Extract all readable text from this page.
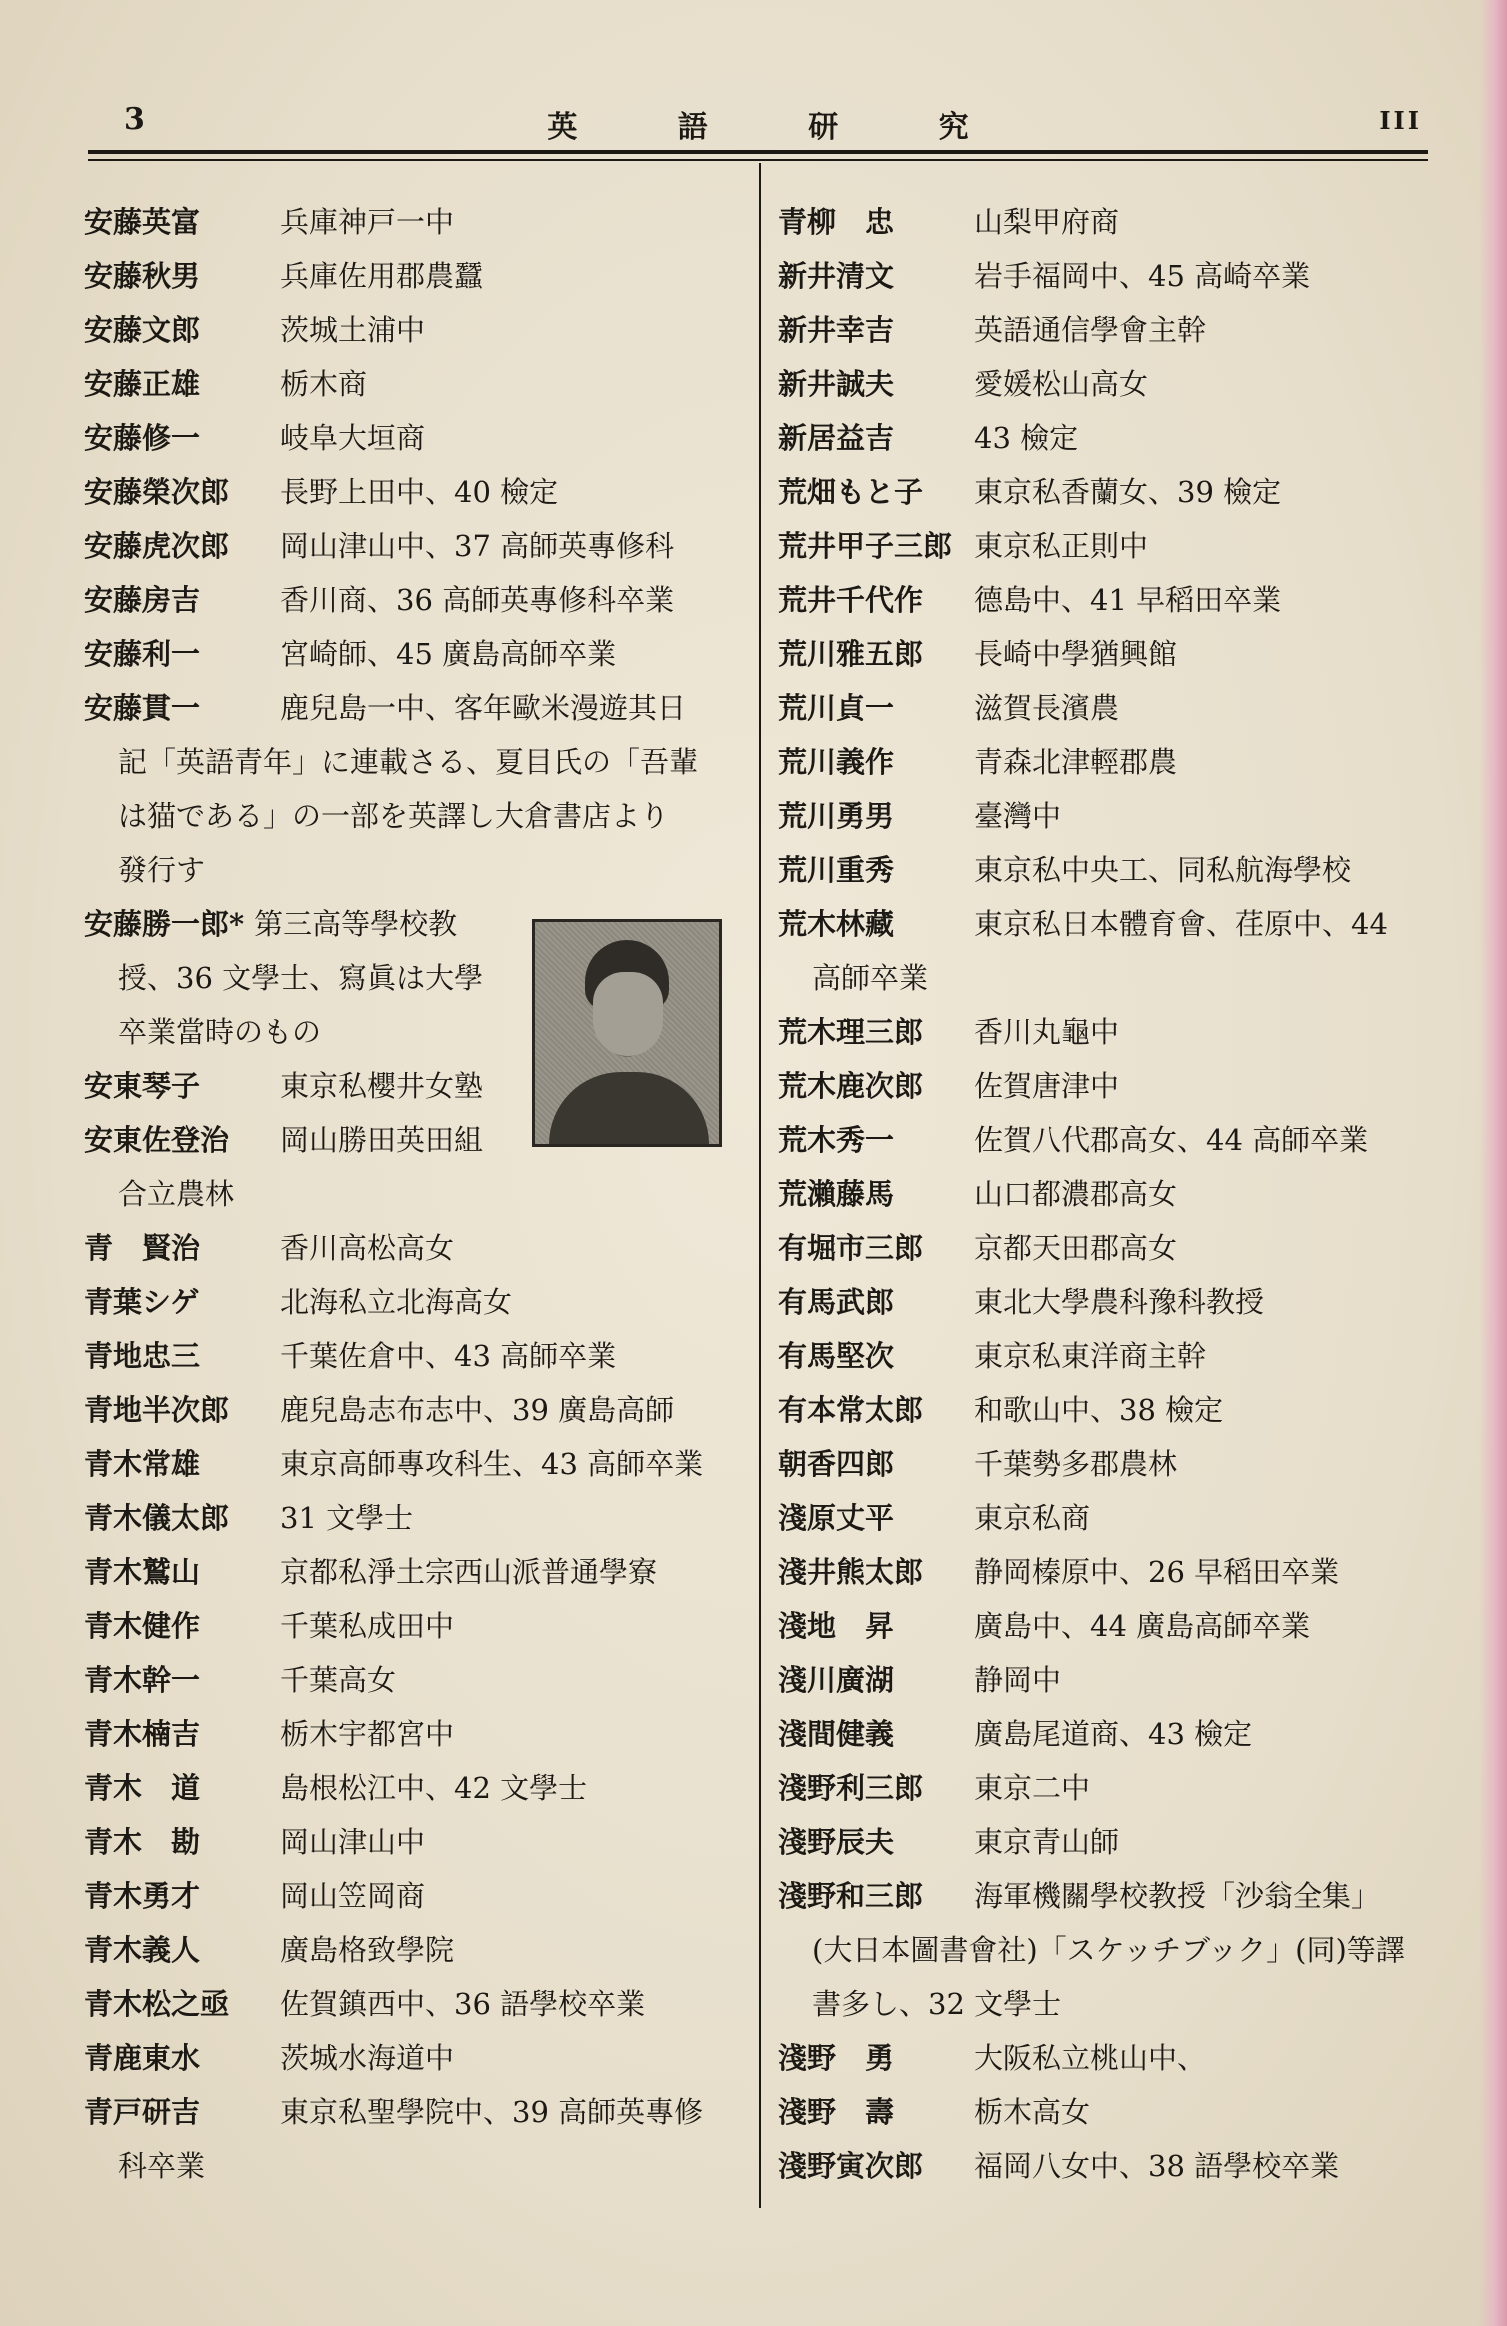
3	英	語	研	究	III
安藤英富	兵庫神戸一中
安藤秋男	兵庫佐用郡農蠶
安藤文郎	茨城土浦中
安藤正雄	栃木商
安藤修一	岐阜大垣商
安藤榮次郎	長野上田中、40 檢定
安藤虎次郎	岡山津山中、37 高師英專修科
安藤房吉	香川商、36 高師英專修科卒業
安藤利一	宮崎師、45 廣島高師卒業
安藤貫一	鹿兒島一中、客年歐米漫遊其日
記「英語青年」に連載さる、夏目氏の「吾輩
は猫である」の一部を英譯し大倉書店より
發行す
安藤勝一郎* 第三高等學校教
授、36 文學士、寫眞は大學
卒業當時のもの
安東琴子	東京私櫻井女塾
安東佐登治	岡山勝田英田組
合立農林
青　賢治	香川高松高女
青葉シゲ	北海私立北海高女
青地忠三	千葉佐倉中、43 高師卒業
青地半次郎	鹿兒島志布志中、39 廣島高師
青木常雄	東京高師專攻科生、43 高師卒業
青木儀太郎	31 文學士
青木鷲山	京都私淨土宗西山派普通學寮
青木健作	千葉私成田中
青木幹一	千葉高女
青木楠吉	栃木宇都宮中
青木　道	島根松江中、42 文學士
青木　勘	岡山津山中
青木勇才	岡山笠岡商
青木義人	廣島格致學院
青木松之亟	佐賀鎮西中、36 語學校卒業
青鹿東水	茨城水海道中
青戸研吉	東京私聖學院中、39 高師英專修
科卒業
青柳　忠	山梨甲府商
新井清文	岩手福岡中、45 高崎卒業
新井幸吉	英語通信學會主幹
新井誠夫	愛媛松山高女
新居益吉	43 檢定
荒畑もと子	東京私香蘭女、39 檢定
荒井甲子三郎 東京私正則中
荒井千代作	德島中、41 早稻田卒業
荒川雅五郎	長崎中學猶興館
荒川貞一	滋賀長濱農
荒川義作	青森北津輕郡農
荒川勇男	臺灣中
荒川重秀	東京私中央工、同私航海學校
荒木林藏	東京私日本體育會、荏原中、44
高師卒業
荒木理三郎	香川丸龜中
荒木鹿次郎	佐賀唐津中
荒木秀一	佐賀八代郡高女、44 高師卒業
荒瀨藤馬	山口都濃郡高女
有堀市三郎	京都天田郡高女
有馬武郎	東北大學農科豫科教授
有馬堅次	東京私東洋商主幹
有本常太郎	和歌山中、38 檢定
朝香四郎	千葉勢多郡農林
淺原丈平	東京私商
淺井熊太郎	静岡榛原中、26 早稻田卒業
淺地　昇	廣島中、44 廣島高師卒業
淺川廣湖	静岡中
淺間健義	廣島尾道商、43 檢定
淺野利三郎	東京二中
淺野辰夫	東京青山師
淺野和三郎	海軍機關學校教授「沙翁全集」
(大日本圖書會社)「スケッチブック」(同)等譯
書多し、32 文學士
淺野　勇	大阪私立桃山中、
淺野　壽	栃木高女
淺野寅次郎	福岡八女中、38 語學校卒業
